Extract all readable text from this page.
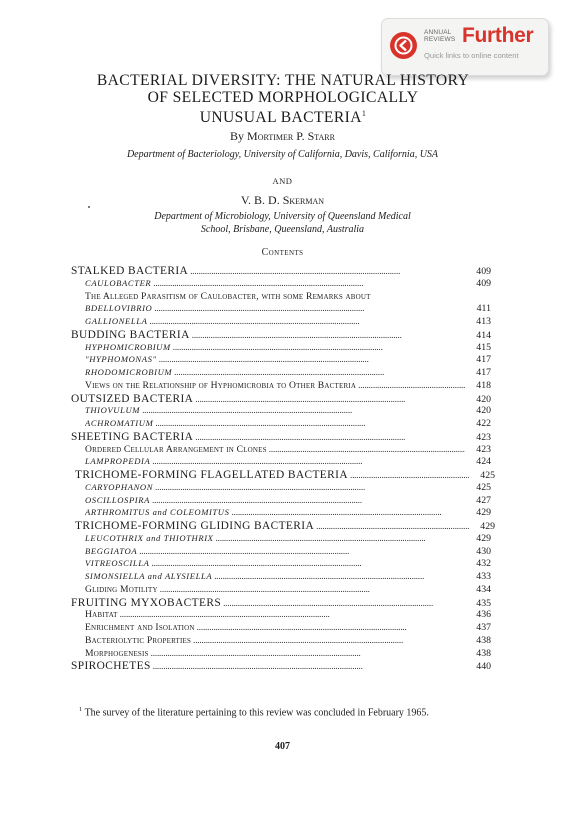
ANNUAL
REVIEWS Further
Quick links to online content
BACTERIAL DIVERSITY: THE NATURAL HISTORY
OF SELECTED MORPHOLOGICALLY
UNUSUAL BACTERIA$^1$
By Mortimer P. Starr
Department of Bacteriology, University of California, Davis, California, USA
AND
V. B. D. Skerman
Department of Microbiology, University of Queensland Medical
School, Brisbane, Queensland, Australia
Contents
STALKED BACTERIA . . .	409
CAULOBACTER . . .	409
The Alleged Parasitism of Caulobacter, with some Remarks about
BDELLOVIBRIO . . .	411
GALLIONELLA . . .	413
BUDDING BACTERIA . . .	414
HYPHOMICROBIUM . . .	415
"HYPHOMONAS" . . .	417
RHODOMICROBIUM . . .	417
Views on the Relationship of Hyphomicrobia to Other Bacteria . . .	418
OUTSIZED BACTERIA . . .	420
THIOVULUM . . .	420
ACHROMATIUM . . .	422
SHEETING BACTERIA . . .	423
Ordered Cellular Arrangement in Clones . . .	423
LAMPROPEDIA . . .	424
TRICHOME-FORMING FLAGELLATED BACTERIA . . .	425
CARYOPHANON . . .	425
OSCILLOSPIRA . . .	427
ARTHROMITUS and COLEOMITUS . . .	429
TRICHOME-FORMING GLIDING BACTERIA . . .	429
LEUCOTHRIX and THIOTHRIX . . .	429
BEGGIATOA . . .	430
VITREOSCILLA . . .	432
SIMONSIELLA and ALYSIELLA . . .	433
Gliding Motility . . .	434
FRUITING MYXOBACTERS . . .	435
Habitat . . .	436
Enrichment and Isolation . . .	437
Bacteriolytic Properties . . .	438
Morphogenesis . . .	438
SPIROCHETES . . .	440
$^1$ The survey of the literature pertaining to this review was concluded in February 1965.
407
